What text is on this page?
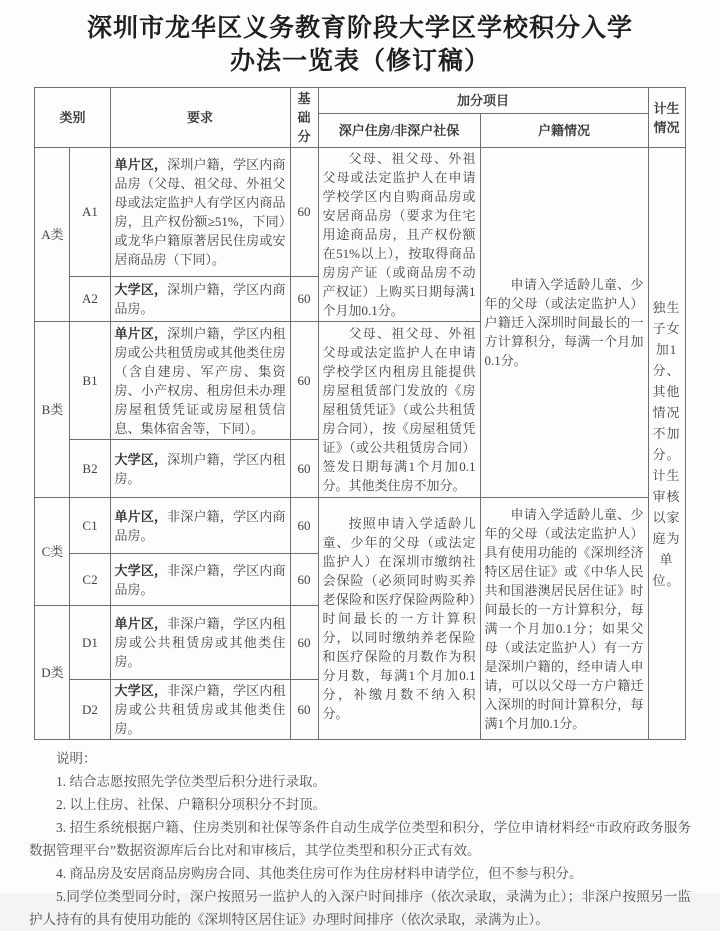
深圳市龙华区义务教育阶段大学区学校积分入学
办法一览表（修订稿）
类别		要求	基础分	加分项目		计生情况
				深户住房/非深户社保	户籍情况	
A类	A1	单片区，深圳户籍，学区内商品房（父母、祖父母、外祖父母或法定监护人有学区内商品房，且产权份额≥51%，下同）或龙华户籍原著居民住房或安居商品房（下同）。	60	父母、祖父母、外祖父母或法定监护人在申请学校学区内自购商品房或安居商品房（要求为住宅用途商品房，且产权份额在51%以上），按取得商品房房产证（或商品房不动产权证）上购买日期每满1个月加0.1分。	申请入学适龄儿童、少年的父母（或法定监护人）户籍迁入深圳时间最长的一方计算积分，每满一个月加0.1分。	独生子女加1分、其他情况不加分。计生审核以家庭为单位。
	A2	大学区，深圳户籍，学区内商品房。	60			
B类	B1	单片区，深圳户籍，学区内租房或公共租赁房或其他类住房（含自建房、军产房、集资房、小产权房、租房但未办理房屋租赁凭证或房屋租赁信息、集体宿舍等，下同）。	60	父母、祖父母、外祖父母或法定监护人在申请学校学区内租房且能提供房屋租赁部门发放的《房屋租赁凭证》（或公共租赁房合同），按《房屋租赁凭证》（或公共租赁房合同）签发日期每满1个月加0.1分。其他类住房不加分。		
	B2	大学区，深圳户籍，学区内租房。	60			
C类	C1	单片区，非深户籍，学区内商品房。	60	按照申请入学适龄儿童、少年的父母（或法定监护人）在深圳市缴纳社会保险（必须同时购买养老保险和医疗保险两险种）时间最长的一方计算积分，以同时缴纳养老保险和医疗保险的月数作为积分月数，每满1个月加0.1分，补缴月数不纳入积分。	申请入学适龄儿童、少年的父母（或法定监护人）具有使用功能的《深圳经济特区居住证》或《中华人民共和国港澳居民居住证》时间最长的一方计算积分，每满一个月加0.1分；如果父母（或法定监护人）有一方是深圳户籍的，经申请人申请，可以以父母一方户籍迁入深圳的时间计算积分，每满1个月加0.1分。	
	C2	大学区，非深户籍，学区内商品房。	60			
D类	D1	单片区，非深户籍，学区内租房或公共租赁房或其他类住房。	60			
	D2	大学区，非深户籍，学区内租房或公共租赁房或其他类住房。	60			

说明：

1. 结合志愿按照先学位类型后积分进行录取。

2. 以上住房、社保、户籍积分项积分不封顶。

3. 招生系统根据户籍、住房类别和社保等条件自动生成学位类型和积分，学位申请材料经“市政府政务服务数据管理平台”数据资源库后台比对和审核后，其学位类型和积分正式有效。

4. 商品房及安居商品房购房合同、其他类住房可作为住房材料申请学位，但不参与积分。

5.同学位类型同分时，深户按照另一监护人的入深户时间排序（依次录取，录满为止）；非深户按照另一监护人持有的具有使用功能的《深圳特区居住证》办理时间排序（依次录取，录满为止）。
